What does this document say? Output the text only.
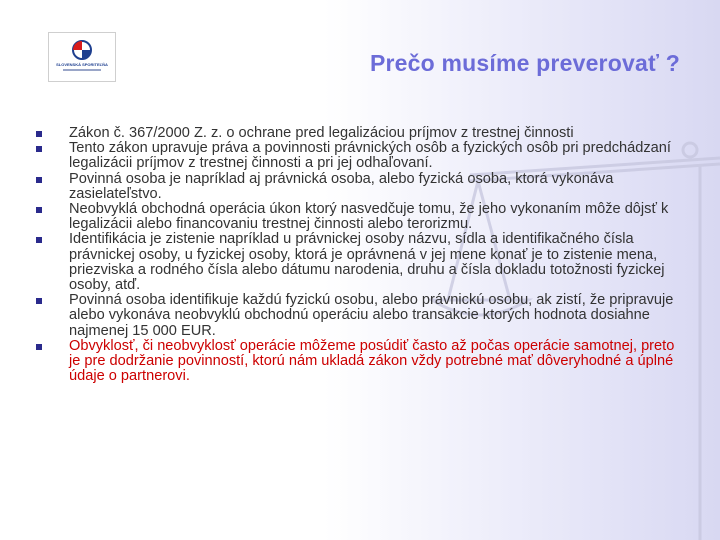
SLOVENSKÁ SPORITEĽŇA	Prečo musíme preverovať ?
Zákon č. 367/2000 Z. z. o ochrane pred legalizáciou príjmov z trestnej činnosti
Tento zákon upravuje práva a povinnosti právnických osôb a fyzických osôb pri predchádzaní legalizácii príjmov z trestnej činnosti a pri jej odhaľovaní.
Povinná osoba je napríklad aj právnická osoba, alebo fyzická osoba, ktorá vykonáva zasielateľstvo.
Neobvyklá obchodná operácia úkon ktorý nasvedčuje tomu, že jeho vykonaním môže dôjsť k legalizácii alebo financovaniu trestnej činnosti alebo terorizmu.
Identifikácia je zistenie napríklad u právnickej osoby názvu, sídla a identifikačného čísla právnickej osoby, u fyzickej osoby, ktorá je oprávnená v jej mene konať je to zistenie mena, priezviska a rodného čísla alebo dátumu narodenia, druhu a čísla dokladu totožnosti fyzickej osoby, atď.
Povinná osoba identifikuje každú fyzickú osobu, alebo právnickú osobu, ak zistí, že pripravuje alebo vykonáva neobvyklú obchodnú operáciu alebo transakcie ktorých hodnota dosiahne najmenej 15 000 EUR.
Obvyklosť, či neobvyklosť operácie môžeme posúdiť často až počas operácie samotnej, preto je pre dodržanie povinností, ktorú nám ukladá zákon vždy potrebné mať dôveryhodné a úplné údaje o partnerovi.
